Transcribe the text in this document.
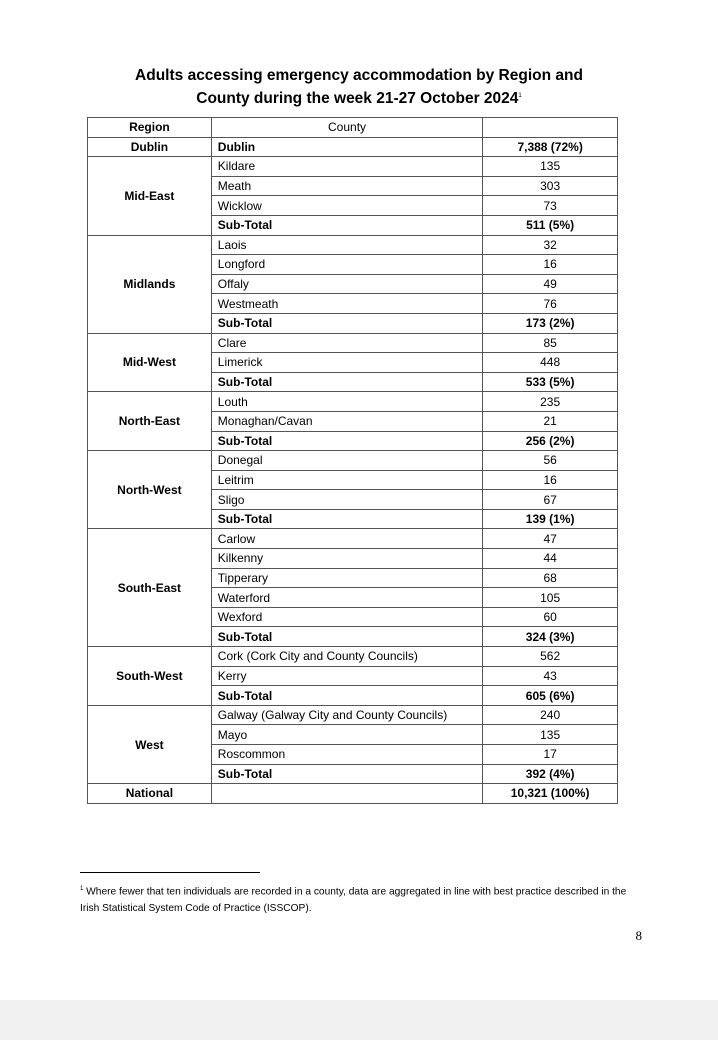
Adults accessing emergency accommodation by Region and
County during the week 21-27 October 2024$^1$
Region	County	
Dublin	Dublin	7,388 (72%)
Mid-East	Kildare	135
	Meath	303
	Wicklow	73
	Sub-Total	511 (5%)
Midlands	Laois	32
	Longford	16
	Offaly	49
	Westmeath	76
	Sub-Total	173 (2%)
Mid-West	Clare	85
	Limerick	448
	Sub-Total	533 (5%)
North-East	Louth	235
	Monaghan/Cavan	21
	Sub-Total	256 (2%)
North-West	Donegal	56
	Leitrim	16
	Sligo	67
	Sub-Total	139 (1%)
South-East	Carlow	47
	Kilkenny	44
	Tipperary	68
	Waterford	105
	Wexford	60
	Sub-Total	324 (3%)
South-West	Cork (Cork City and County Councils)	562
	Kerry	43
	Sub-Total	605 (6%)
West	Galway (Galway City and County Councils)	240
	Mayo	135
	Roscommon	17
	Sub-Total	392 (4%)
National		10,321 (100%)
$^1$ Where fewer that ten individuals are recorded in a county, data are aggregated in line with best practice described in the Irish Statistical System Code of Practice (ISSCOP).
8
